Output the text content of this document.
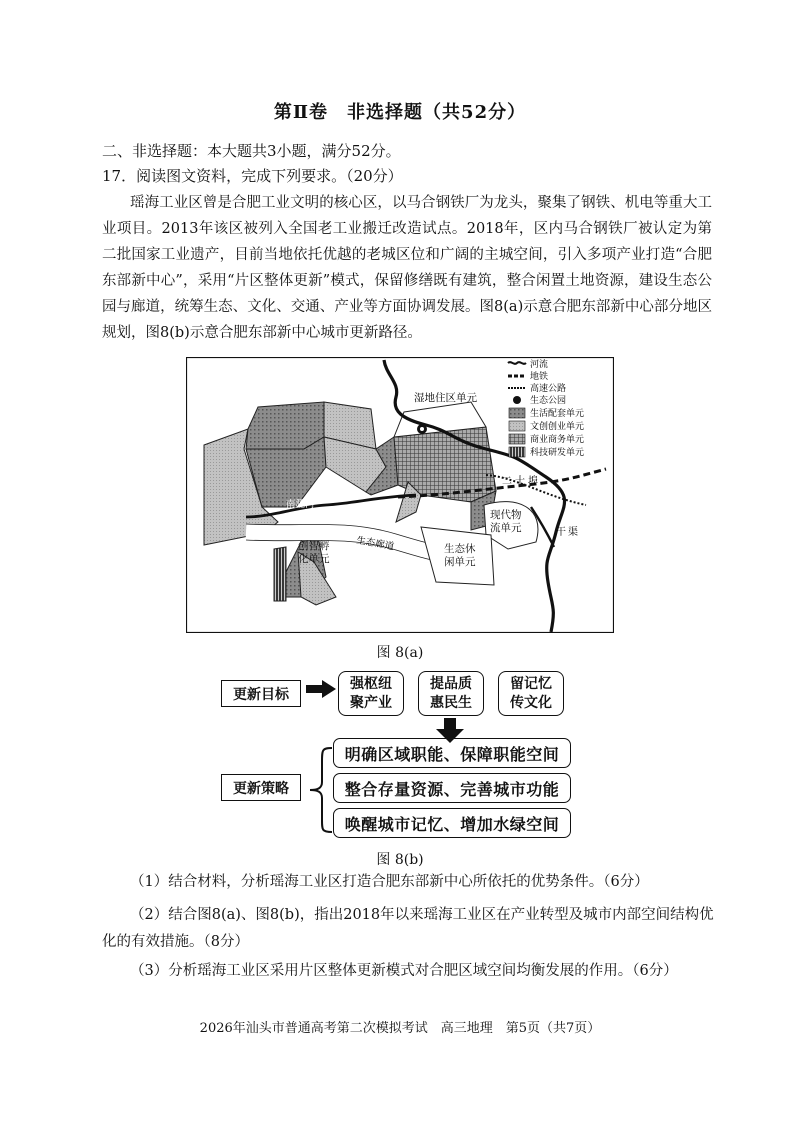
第Ⅱ卷　非选择题（共52分）
二、非选择题：本大题共3小题，满分52分。
17．阅读图文资料，完成下列要求。（20分）
瑶海工业区曾是合肥工业文明的核心区，以马合钢铁厂为龙头，聚集了钢铁、机电等重大工业项目。2013年该区被列入全国老工业搬迁改造试点。2018年，区内马合钢铁厂被认定为第二批国家工业遗产，目前当地依托优越的老城区位和广阔的主城空间，引入多项产业打造“合肥东部新中心”，采用“片区整体更新”模式，保留修缮既有建筑，整合闲置土地资源，建设生态公园与廊道，统筹生态、文化、交通、产业等方面协调发展。图8(a)示意合肥东部新中心部分地区规划，图8(b)示意合肥东部新中心城市更新路径。
湿地住区单元
现代物流单元
创智孵化单元
生态休闲单元
生态廊道
南淝河
二十埠
干渠
河流
地铁
高速公路
生态公园
生活配套单元
文创创业单元
商业商务单元
科技研发单元
图 8(a)
更新目标
强枢纽聚产业
提品质惠民生
留记忆传文化
更新策略
明确区域职能、保障职能空间
整合存量资源、完善城市功能
唤醒城市记忆、增加水绿空间
图 8(b)
（1）结合材料，分析瑶海工业区打造合肥东部新中心所依托的优势条件。（6分）
（2）结合图8(a)、图8(b)，指出2018年以来瑶海工业区在产业转型及城市内部空间结构优化的有效措施。（8分）
（3）分析瑶海工业区采用片区整体更新模式对合肥区域空间均衡发展的作用。（6分）
2026年汕头市普通高考第二次模拟考试　高三地理　第5页（共7页）
